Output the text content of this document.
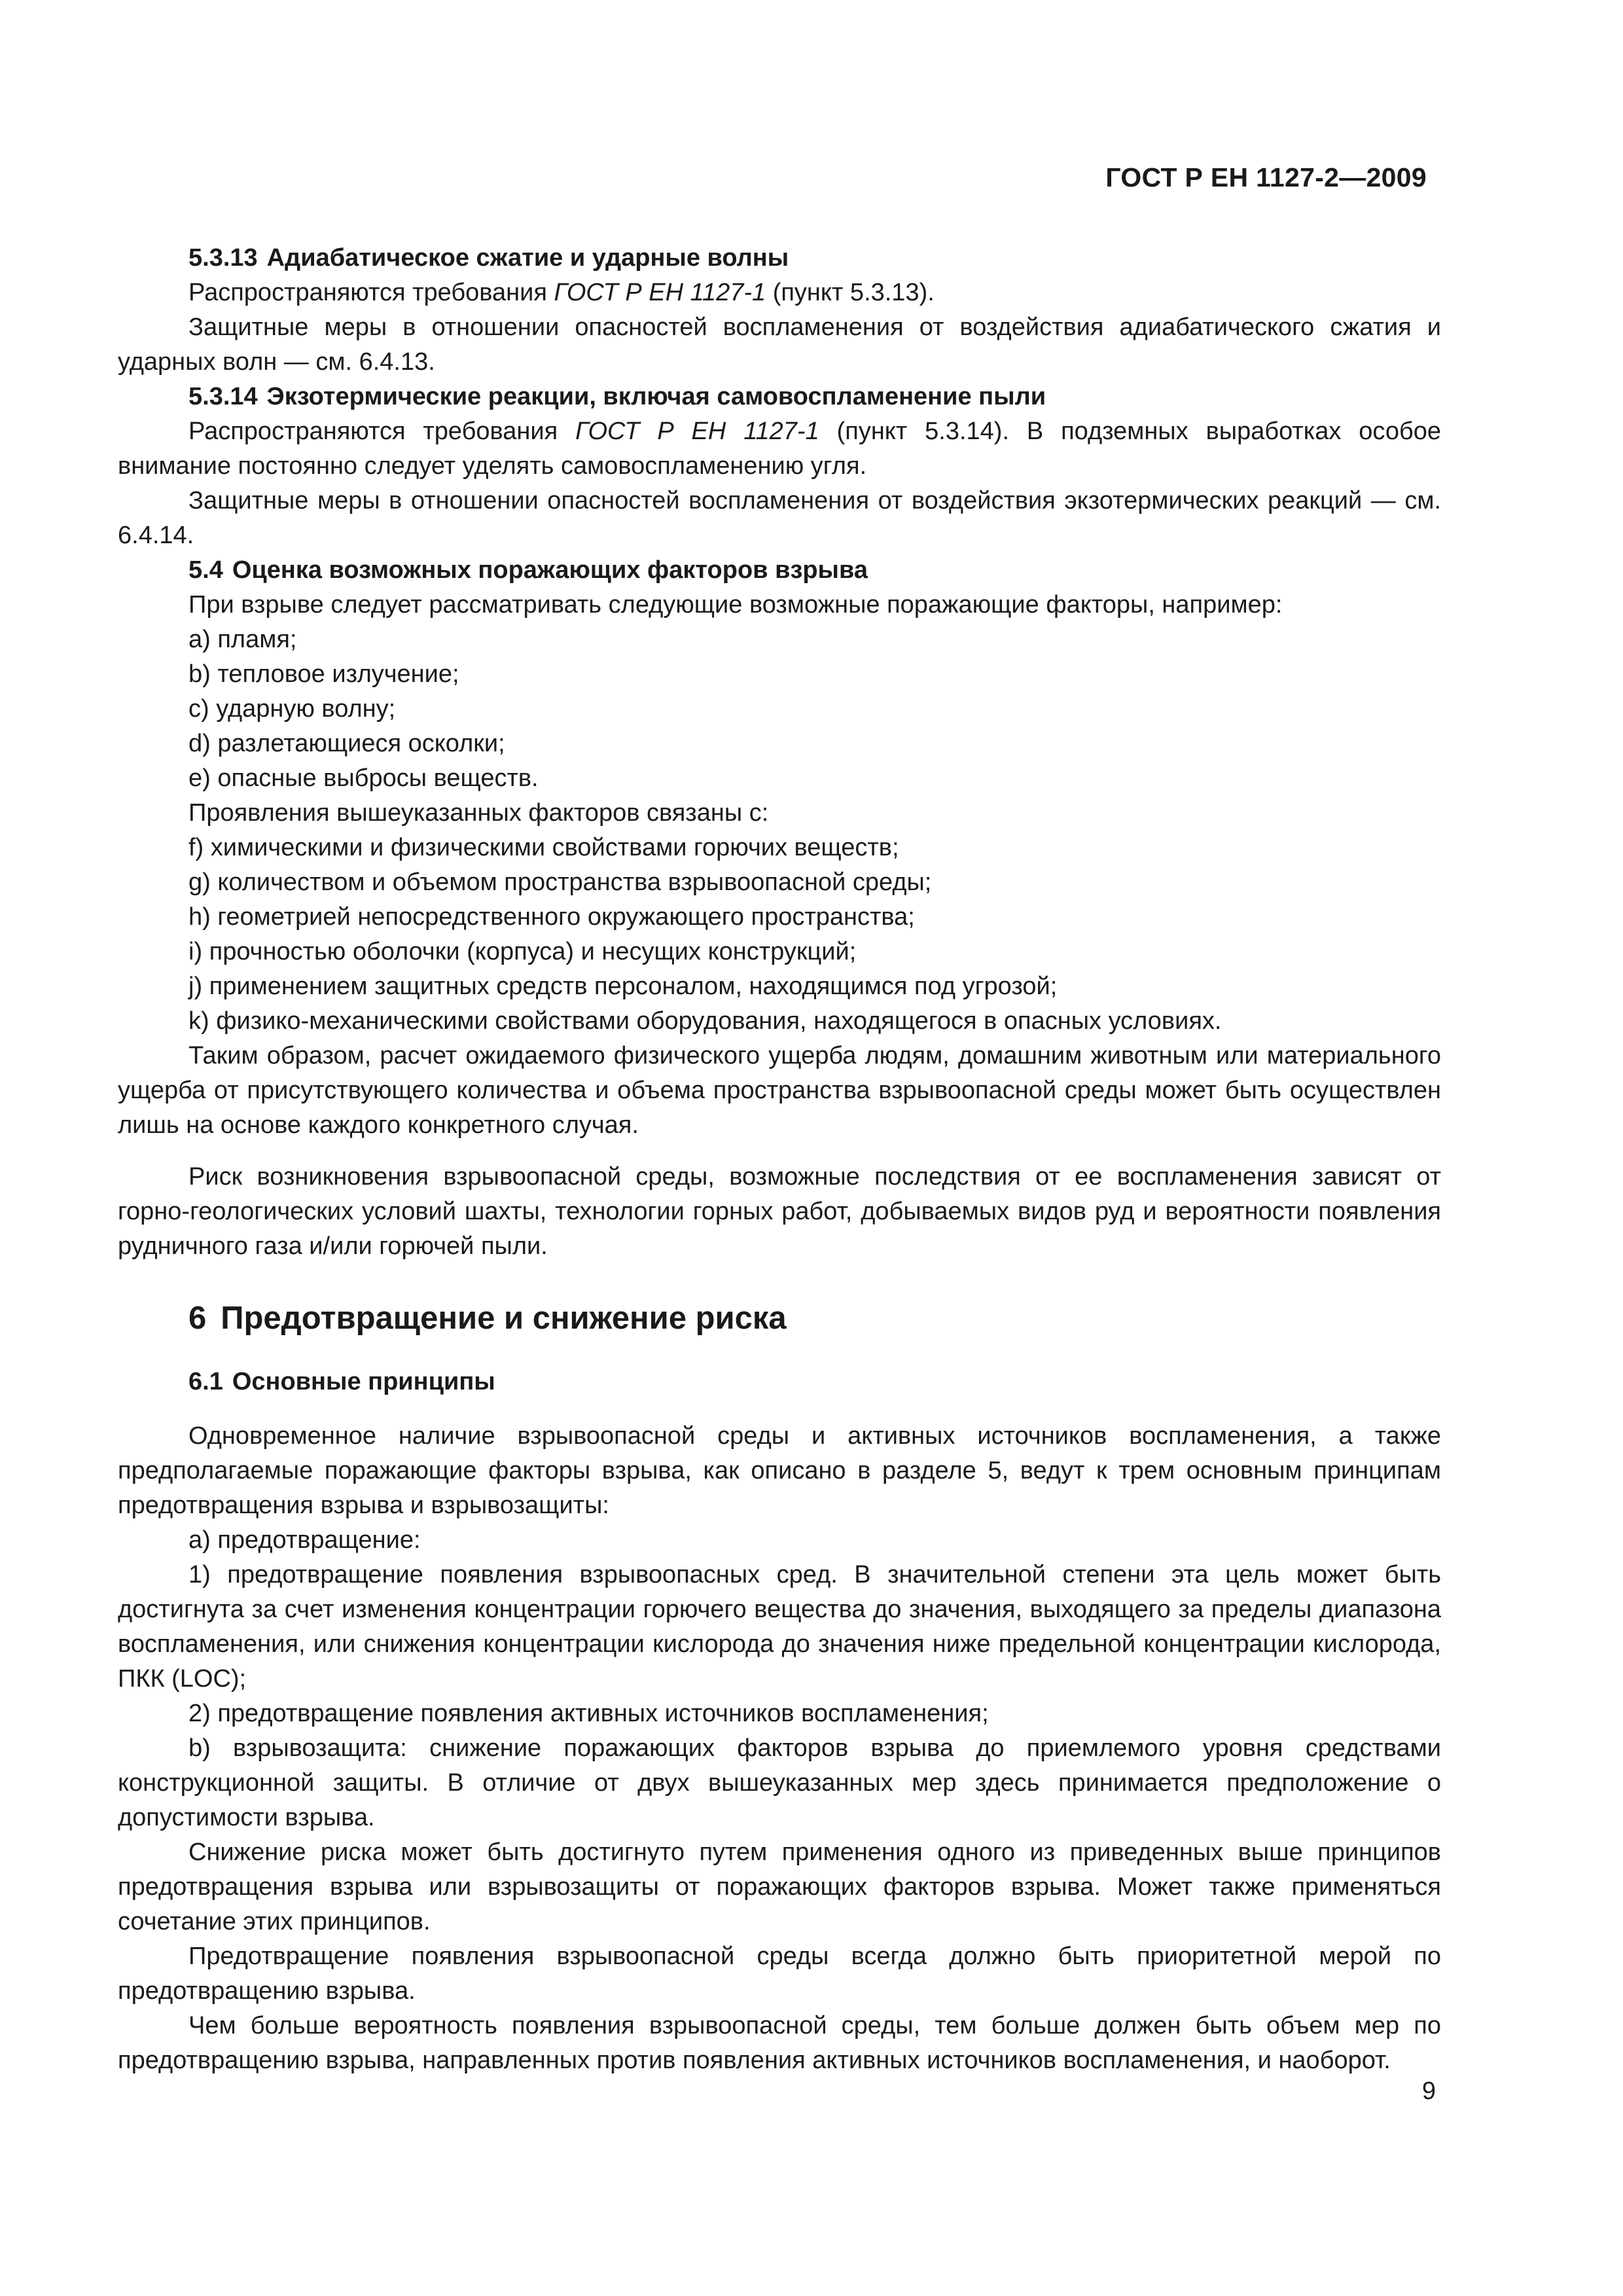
ГОСТ Р ЕН 1127-2—2009
5.3.13 Адиабатическое сжатие и ударные волны

Распространяются требования ГОСТ Р ЕН 1127-1 (пункт 5.3.13).

Защитные меры в отношении опасностей воспламенения от воздействия адиабатического сжатия и ударных волн — см. 6.4.13.

5.3.14 Экзотермические реакции, включая самовоспламенение пыли

Распространяются требования ГОСТ Р ЕН 1127-1 (пункт 5.3.14). В подземных выработках особое внимание постоянно следует уделять самовоспламенению угля.

Защитные меры в отношении опасностей воспламенения от воздействия экзотермических реакций — см. 6.4.14.

5.4 Оценка возможных поражающих факторов взрыва

При взрыве следует рассматривать следующие возможные поражающие факторы, например:

a) пламя;
b) тепловое излучение;
c) ударную волну;
d) разлетающиеся осколки;
e) опасные выбросы веществ.

Проявления вышеуказанных факторов связаны с:

f) химическими и физическими свойствами горючих веществ;
g) количеством и объемом пространства взрывоопасной среды;
h) геометрией непосредственного окружающего пространства;
i) прочностью оболочки (корпуса) и несущих конструкций;
j) применением защитных средств персоналом, находящимся под угрозой;
k) физико-механическими свойствами оборудования, находящегося в опасных условиях.

Таким образом, расчет ожидаемого физического ущерба людям, домашним животным или материального ущерба от присутствующего количества и объема пространства взрывоопасной среды может быть осуществлен лишь на основе каждого конкретного случая.

Риск возникновения взрывоопасной среды, возможные последствия от ее воспламенения зависят от горно-геологических условий шахты, технологии горных работ, добываемых видов руд и вероятности появления рудничного газа и/или горючей пыли.

6 Предотвращение и снижение риска
6.1 Основные принципы

Одновременное наличие взрывоопасной среды и активных источников воспламенения, а также предполагаемые поражающие факторы взрыва, как описано в разделе 5, ведут к трем основным принципам предотвращения взрыва и взрывозащиты:

a) предотвращение:

1) предотвращение появления взрывоопасных сред. В значительной степени эта цель может быть достигнута за счет изменения концентрации горючего вещества до значения, выходящего за пределы диапазона воспламенения, или снижения концентрации кислорода до значения ниже предельной концентрации кислорода, ПКК (LOC);

2) предотвращение появления активных источников воспламенения;

b) взрывозащита: снижение поражающих факторов взрыва до приемлемого уровня средствами конструкционной защиты. В отличие от двух вышеуказанных мер здесь принимается предположение о допустимости взрыва.

Снижение риска может быть достигнуто путем применения одного из приведенных выше принципов предотвращения взрыва или взрывозащиты от поражающих факторов взрыва. Может также применяться сочетание этих принципов.

Предотвращение появления взрывоопасной среды всегда должно быть приоритетной мерой по предотвращению взрыва.

Чем больше вероятность появления взрывоопасной среды, тем больше должен быть объем мер по предотвращению взрыва, направленных против появления активных источников воспламенения, и наоборот.

9
